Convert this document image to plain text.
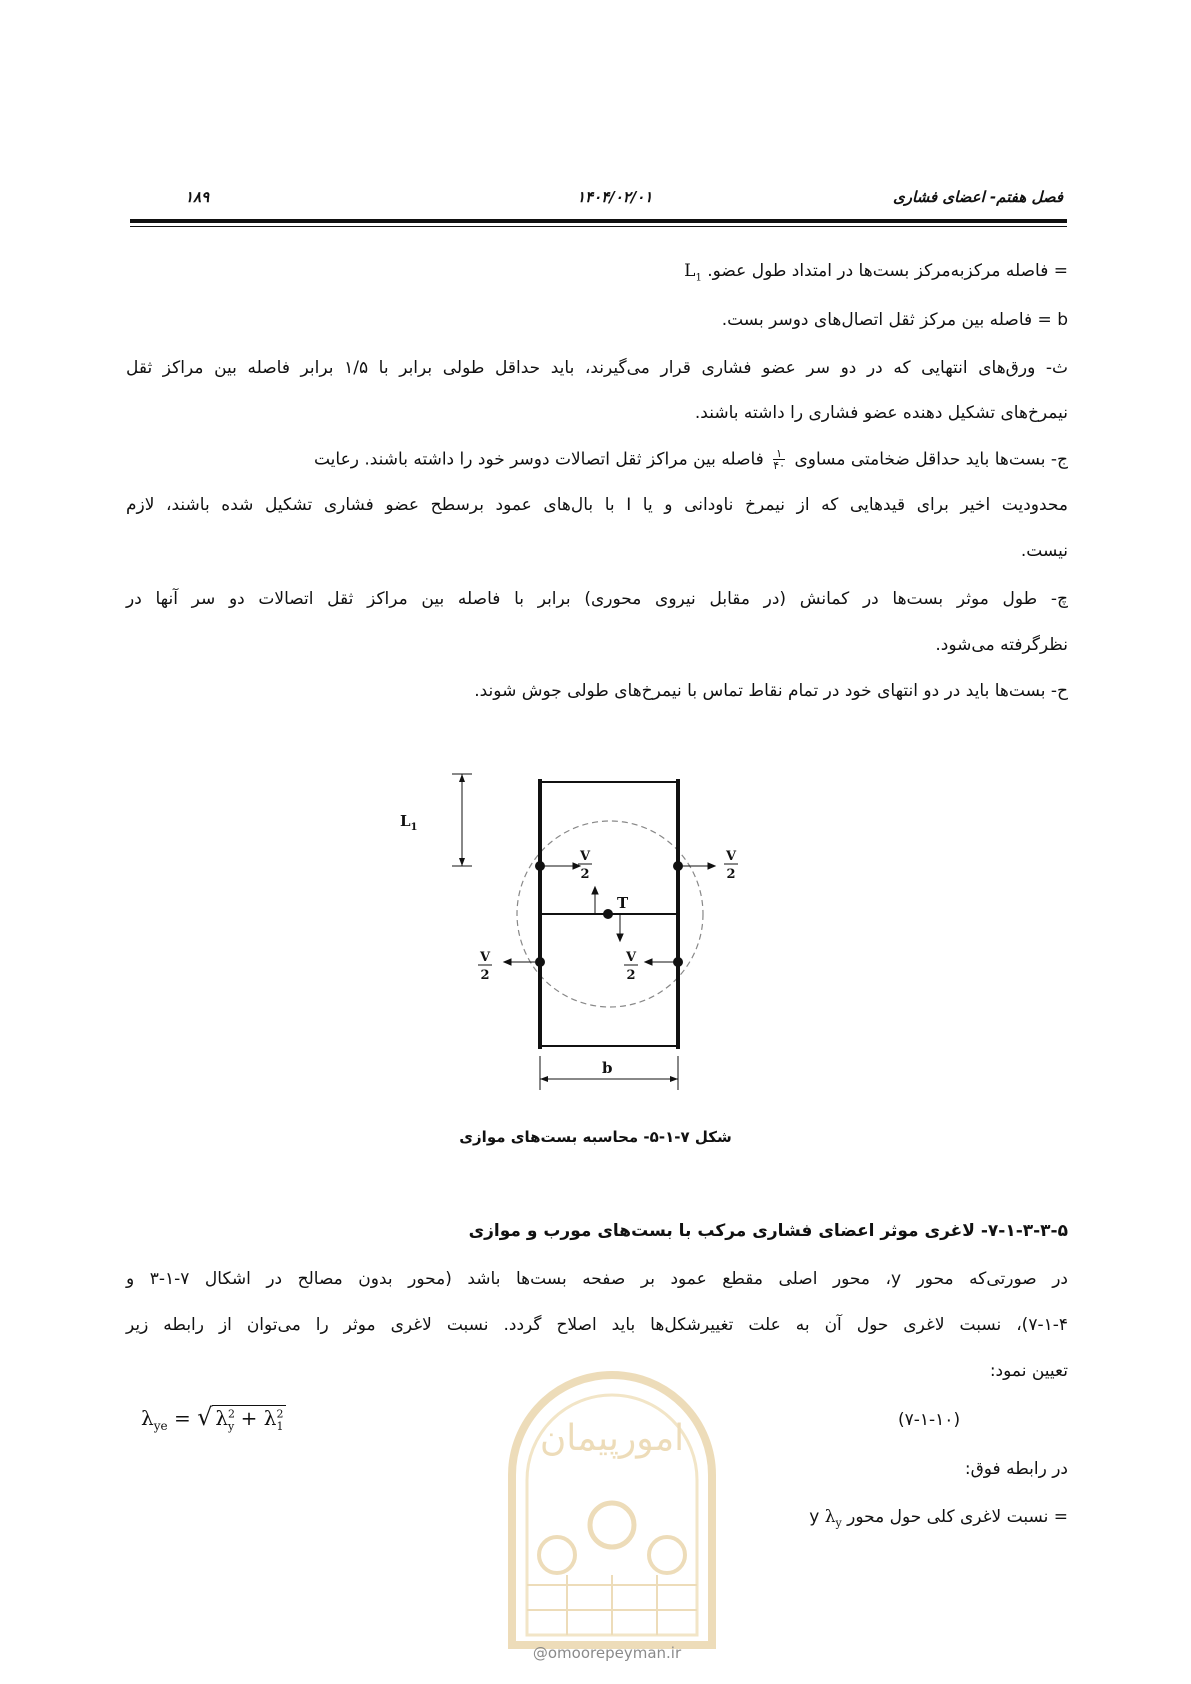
فصل هفتم- اعضای فشاری
۱۴۰۴/۰۲/۰۱
۱۸۹
= فاصله مرکزبه‌مرکز بست‌ها در امتداد طول عضو. $L_1$
b = فاصله بین مرکز ثقل اتصال‌های دوسر بست.
ث- ورق‌های انتهایی که در دو سر عضو فشاری قرار می‌گیرند، باید حداقل طولی برابر با ۱/۵ برابر فاصله بین مراکز ثقل
نیمرخ‌های تشکیل دهنده عضو فشاری را داشته باشند.
ج- بست‌ها باید حداقل ضخامتی مساوی
$\frac{۱}{۴۰}$
فاصله بین مراکز ثقل اتصالات دوسر خود را داشته باشند. رعایت
محدودیت اخیر برای قیدهایی که از نیمرخ ناودانی و یا I با بال‌های عمود برسطح عضو فشاری تشکیل شده باشند، لازم
نیست.
چ- طول موثر بست‌ها در کمانش (در مقابل نیروی محوری) برابر با فاصله بین مراکز ثقل اتصالات دو سر آنها در
نظرگرفته می‌شود.
ح- بست‌ها باید در دو انتهای خود در تمام نقاط تماس با نیمرخ‌های طولی جوش شوند.
$L_1$
b
T
V
2
V
2
V
2
V
2
شکل ۷-۱-۵- محاسبه بست‌های موازی
۷-۱-۳-۳-۵- لاغری موثر اعضای فشاری مرکب با بست‌های مورب و موازی
در صورتی‌که محور y، محور اصلی مقطع عمود بر صفحه بست‌ها باشد (محور بدون مصالح در اشکال ۷-۱-۳ و
۷-۱-۴)، نسبت لاغری حول آن به علت تغییرشکل‌ها باید اصلاح گردد. نسبت لاغری موثر را می‌توان از رابطه زیر
تعیین نمود:
$\lambda_{ye}$ = √ $\lambda^2_y + \lambda^2_1$	(۷-۱-۱۰)
در رابطه فوق:
= نسبت لاغری کلی حول محور y $\lambda_y$
امورپیمان
@omoorepeyman.ir
